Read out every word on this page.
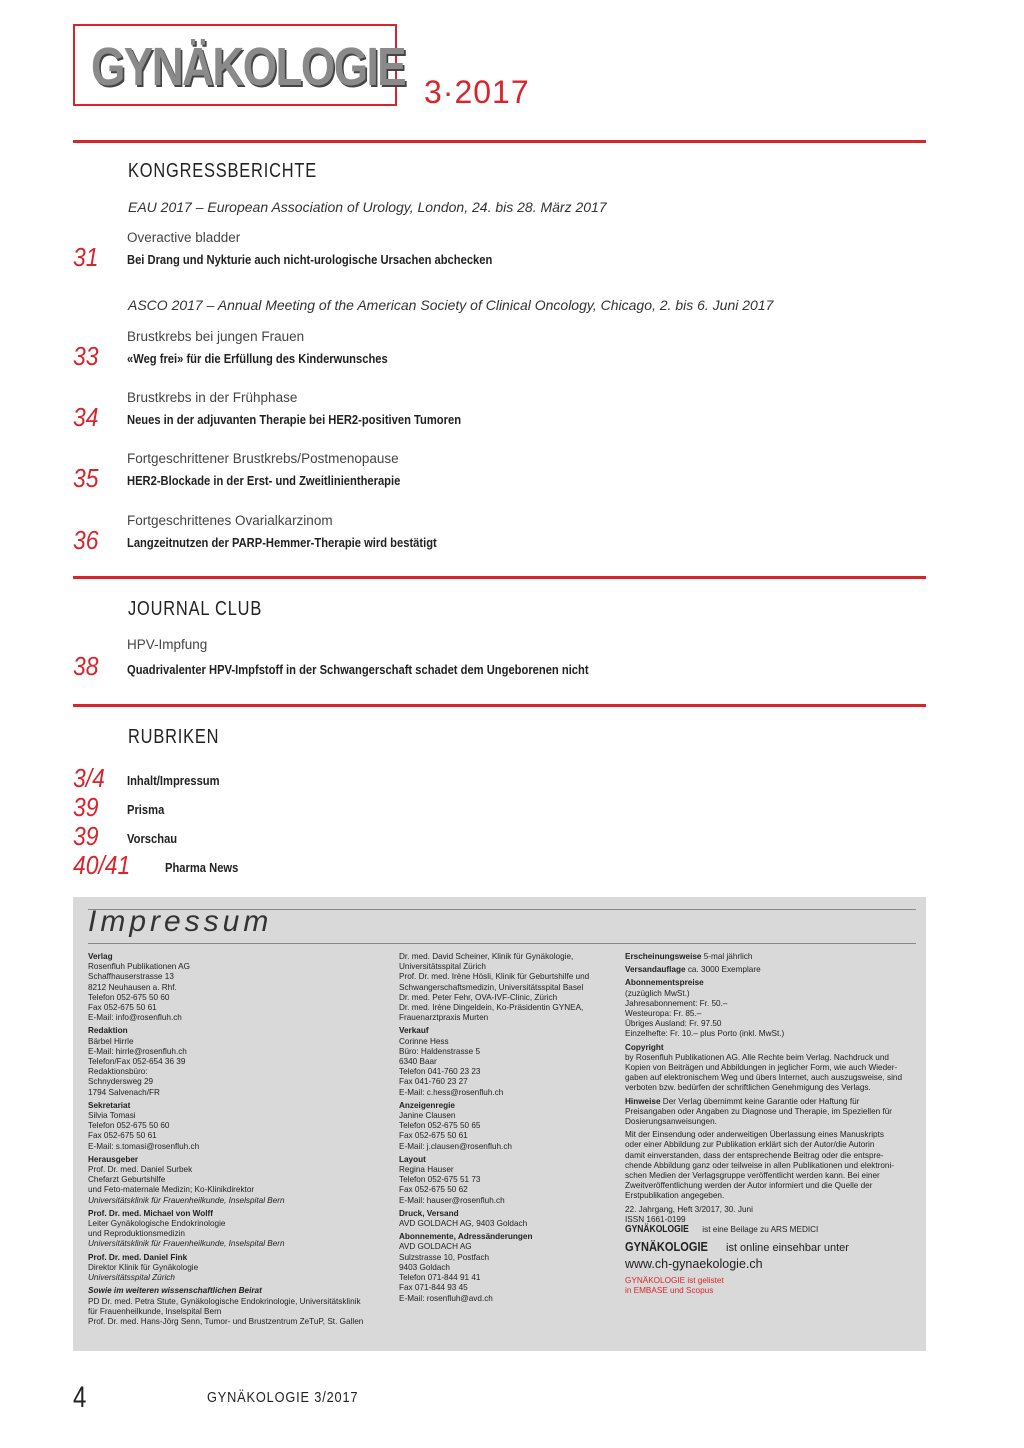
GYNÄKOLOGIE 3·2017
KONGRESSBERICHTE
EAU 2017 – European Association of Urology, London, 24. bis 28. März 2017
Overactive bladder
31 Bei Drang und Nykturie auch nicht-urologische Ursachen abchecken
ASCO 2017 – Annual Meeting of the American Society of Clinical Oncology, Chicago, 2. bis 6. Juni 2017
Brustkrebs bei jungen Frauen
33 «Weg frei» für die Erfüllung des Kinderwunsches
Brustkrebs in der Frühphase
34 Neues in der adjuvanten Therapie bei HER2-positiven Tumoren
Fortgeschrittener Brustkrebs/Postmenopause
35 HER2-Blockade in der Erst- und Zweitlinientherapie
Fortgeschrittenes Ovarialkarzinom
36 Langzeitnutzen der PARP-Hemmer-Therapie wird bestätigt
JOURNAL CLUB
HPV-Impfung
38 Quadrivalenter HPV-Impfstoff in der Schwangerschaft schadet dem Ungeborenen nicht
RUBRIKEN
3/4 Inhalt/Impressum
39 Prisma
39 Vorschau
40/41	Pharma News
Impressum
Verlag
Rosenfluh Publikationen AG
Schaffhauserstrasse 13
8212 Neuhausen a. Rhf.
Telefon 052-675 50 60
Fax 052-675 50 61
E-Mail: info@rosenfluh.ch
Redaktion
Bärbel Hirrle
E-Mail: hirrle@rosenfluh.ch
Telefon/Fax 052-654 36 39
Redaktionsbüro:
Schnydersweg 29
1794 Salvenach/FR
Sekretariat
Silvia Tomasi
Telefon 052-675 50 60
Fax 052-675 50 61
E-Mail: s.tomasi@rosenfluh.ch
Herausgeber
Prof. Dr. med. Daniel Surbek
Chefarzt Geburtshilfe
und Feto-maternale Medizin; Ko-Klinikdirektor
Universitätsklinik für Frauenheilkunde, Inselspital Bern
Prof. Dr. med. Michael von Wolff
Leiter Gynäkologische Endokrinologie
und Reproduktionsmedizin
Universitätsklinik für Frauenheilkunde, Inselspital Bern
Prof. Dr. med. Daniel Fink
Direktor Klinik für Gynäkologie
Universitätsspital Zürich
Sowie im weiteren wissenschaftlichen Beirat
PD Dr. med. Petra Stute, Gynäkologische Endokrinologie, Universitätsklinik
für Frauenheilkunde, Inselspital Bern
Prof. Dr. med. Hans-Jörg Senn, Tumor- und Brustzentrum ZeTuP, St. Gallen
Dr. med. David Scheiner, Klinik für Gynäkologie,
Universitätsspital Zürich
Prof. Dr. med. Irène Hösli, Klinik für Geburtshilfe und
Schwangerschaftsmedizin, Universitätsspital Basel
Dr. med. Peter Fehr, OVA-IVF-Clinic, Zürich
Dr. med. Irène Dingeldein, Ko-Präsidentin GYNEA,
Frauenarztpraxis Murten
Verkauf
Corinne Hess
Büro: Haldenstrasse 5
6340 Baar
Telefon 041-760 23 23
Fax 041-760 23 27
E-Mail: c.hess@rosenfluh.ch
Anzeigenregie
Janine Clausen
Telefon 052-675 50 65
Fax 052-675 50 61
E-Mail: j.clausen@rosenfluh.ch
Layout
Regina Hauser
Telefon 052-675 51 73
Fax 052-675 50 62
E-Mail: hauser@rosenfluh.ch
Druck, Versand
AVD GOLDACH AG, 9403 Goldach
Abonnemente, Adressänderungen
AVD GOLDACH AG
Sulzstrasse 10, Postfach
9403 Goldach
Telefon 071-844 91 41
Fax 071-844 93 45
E-Mail: rosenfluh@avd.ch
Erscheinungsweise 5-mal jährlich
Versandauflage ca. 3000 Exemplare
Abonnementspreise
(zuzüglich MwSt.)
Jahresabonnement: Fr. 50.–
Westeuropa: Fr. 85.–
Übriges Ausland: Fr. 97.50
Einzelhefte: Fr. 10.– plus Porto (inkl. MwSt.)
Copyright
by Rosenfluh Publikationen AG. Alle Rechte beim Verlag. Nachdruck und
Kopien von Beiträgen und Abbildungen in jeglicher Form, wie auch Wieder-
gaben auf elektronischem Weg und übers Internet, auch auszugsweise, sind
verboten bzw. bedürfen der schriftlichen Genehmigung des Verlags.
Hinweise Der Verlag übernimmt keine Garantie oder Haftung für
Preisangaben oder Angaben zu Diagnose und Therapie, im Speziellen für
Dosierungsanweisungen.
Mit der Einsendung oder anderweitigen Überlassung eines Manuskripts
oder einer Abbildung zur Publikation erklärt sich der Autor/die Autorin
damit einverstanden, dass der entsprechende Beitrag oder die entspre-
chende Abbildung ganz oder teilweise in allen Publikationen und elektroni-
schen Medien der Verlagsgruppe veröffentlicht werden kann. Bei einer
Zweitveröffentlichung werden der Autor informiert und die Quelle der
Erstpublikation angegeben.
22. Jahrgang, Heft 3/2017, 30. Juni
ISSN 1661-0199
GYNÄKOLOGIE ist eine Beilage zu ARS MEDICI
GYNÄKOLOGIE ist online einsehbar unter
www.ch-gynaekologie.ch
GYNÄKOLOGIE ist gelistet
in EMBASE und Scopus
4	GYNÄKOLOGIE 3/2017
